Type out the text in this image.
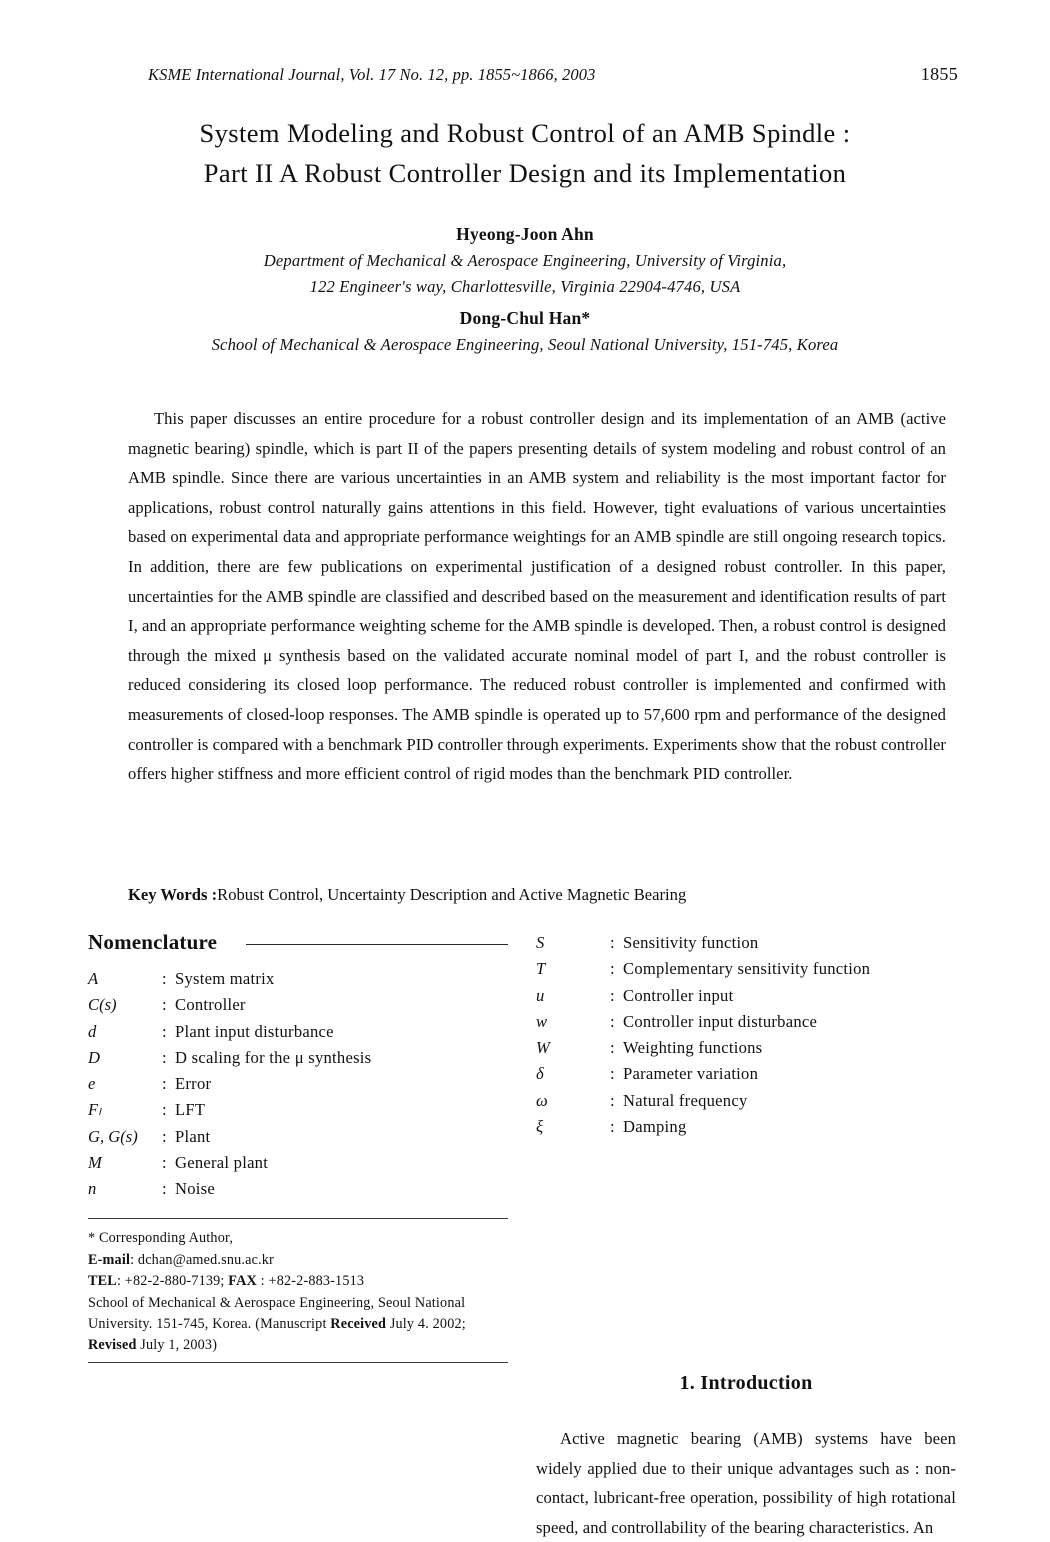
KSME International Journal, Vol. 17 No. 12, pp. 1855~1866, 2003	1855
System Modeling and Robust Control of an AMB Spindle :
Part II A Robust Controller Design and its Implementation
Hyeong-Joon Ahn
Department of Mechanical & Aerospace Engineering, University of Virginia,
122 Engineer's way, Charlottesville, Virginia 22904-4746, USA
Dong-Chul Han*
School of Mechanical & Aerospace Engineering, Seoul National University, 151-745, Korea

This paper discusses an entire procedure for a robust controller design and its implementation of an AMB (active magnetic bearing) spindle, which is part II of the papers presenting details of system modeling and robust control of an AMB spindle. Since there are various uncertainties in an AMB system and reliability is the most important factor for applications, robust control naturally gains attentions in this field. However, tight evaluations of various uncertainties based on experimental data and appropriate performance weightings for an AMB spindle are still ongoing research topics. In addition, there are few publications on experimental justification of a designed robust controller. In this paper, uncertainties for the AMB spindle are classified and described based on the measurement and identification results of part I, and an appropriate performance weighting scheme for the AMB spindle is developed. Then, a robust control is designed through the mixed μ synthesis based on the validated accurate nominal model of part I, and the robust controller is reduced considering its closed loop performance. The reduced robust controller is implemented and confirmed with measurements of closed-loop responses. The AMB spindle is operated up to 57,600 rpm and performance of the designed controller is compared with a benchmark PID controller through experiments. Experiments show that the robust controller offers higher stiffness and more efficient control of rigid modes than the benchmark PID controller.

Key Words :Robust Control, Uncertainty Description and Active Magnetic Bearing
Nomenclature
A	: System matrix
C(s)	: Controller
d	: Plant input disturbance
D	: D scaling for the μ synthesis
e	: Error
Fₗ	: LFT
G, G(s)	: Plant
M	: General plant
n	: Noise
* Corresponding Author,
E-mail: dchan@amed.snu.ac.kr
TEL: +82-2-880-7139; FAX : +82-2-883-1513
School of Mechanical & Aerospace Engineering, Seoul National University. 151-745, Korea. (Manuscript Received July 4. 2002; Revised July 1, 2003)
S	: Sensitivity function
T	: Complementary sensitivity function
u	: Controller input
w	: Controller input disturbance
W	: Weighting functions
δ	: Parameter variation
ω	: Natural frequency
ξ	: Damping
1. Introduction

Active magnetic bearing (AMB) systems have been widely applied due to their unique advantages such as : non-contact, lubricant-free operation, possibility of high rotational speed, and controllability of the bearing characteristics. An
